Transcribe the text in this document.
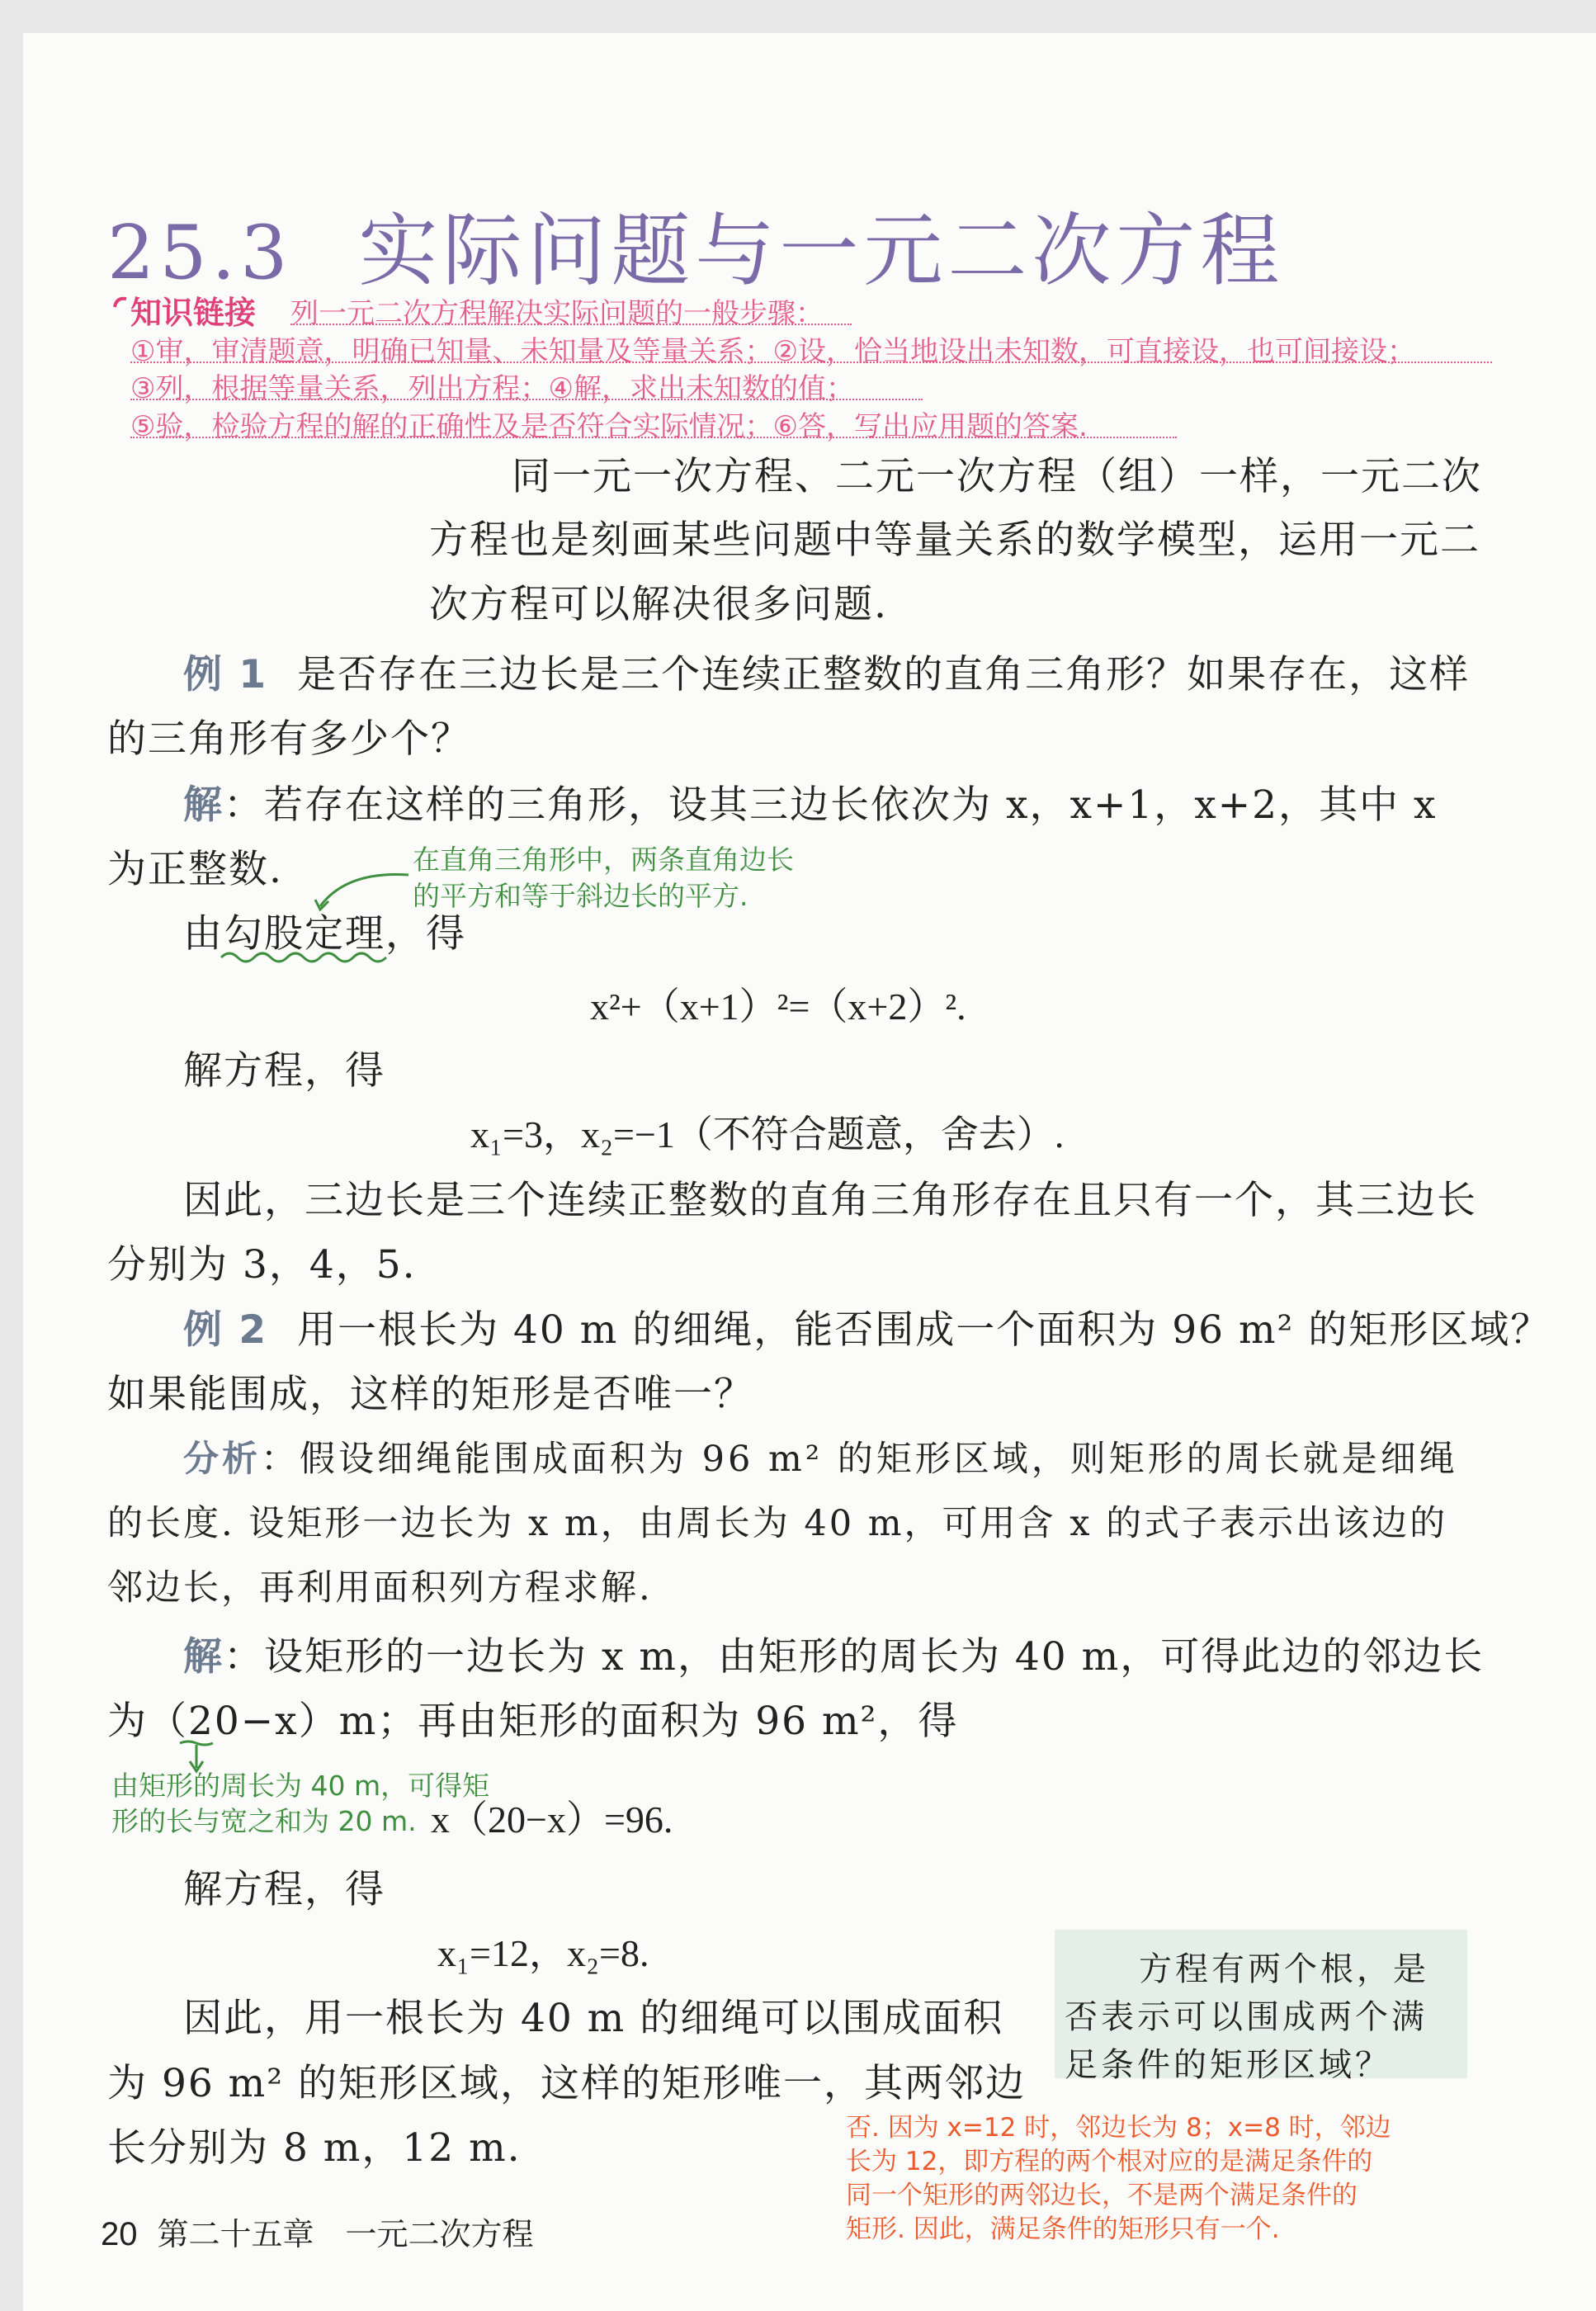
25.3 实际问题与一元二次方程
知识链接 列一元二次方程解决实际问题的一般步骤：
①审，审清题意，明确已知量、未知量及等量关系；②设，恰当地设出未知数，可直接设，也可间接设；
③列，根据等量关系，列出方程；④解，求出未知数的值；
⑤验，检验方程的解的正确性及是否符合实际情况；⑥答，写出应用题的答案.
同一元一次方程、二元一次方程（组）一样，一元二次
方程也是刻画某些问题中等量关系的数学模型，运用一元二
次方程可以解决很多问题.
例 1 是否存在三边长是三个连续正整数的直角三角形？如果存在，这样
的三角形有多少个？
解：若存在这样的三角形，设其三边长依次为 x，x+1，x+2，其中 x
为正整数.	在直角三角形中，两条直角边长
的平方和等于斜边长的平方.
由勾股定理，得
x²+（x+1）²=（x+2）².
解方程，得
x₁=3，x₂=−1（不符合题意，舍去）.
因此，三边长是三个连续正整数的直角三角形存在且只有一个，其三边长
分别为 3，4，5.
例 2 用一根长为 40 m 的细绳，能否围成一个面积为 96 m² 的矩形区域？
如果能围成，这样的矩形是否唯一？
分析：假设细绳能围成面积为 96 m² 的矩形区域，则矩形的周长就是细绳
的长度. 设矩形一边长为 x m，由周长为 40 m，可用含 x 的式子表示出该边的
邻边长，再利用面积列方程求解.
解：设矩形的一边长为 x m，由矩形的周长为 40 m，可得此边的邻边长
为（20−x）m；再由矩形的面积为 96 m²，得
由矩形的周长为 40 m，可得矩
形的长与宽之和为 20 m. x（20−x）=96.
解方程，得
x₁=12，x₂=8.
因此，用一根长为 40 m 的细绳可以围成面积
为 96 m² 的矩形区域，这样的矩形唯一，其两邻边
长分别为 8 m，12 m.
方程有两个根，是
否表示可以围成两个满
足条件的矩形区域？
否. 因为 x=12 时，邻边长为 8；x=8 时，邻边
长为 12，即方程的两个根对应的是满足条件的
同一个矩形的两邻边长，不是两个满足条件的
矩形. 因此，满足条件的矩形只有一个.
20 第二十五章　一元二次方程
